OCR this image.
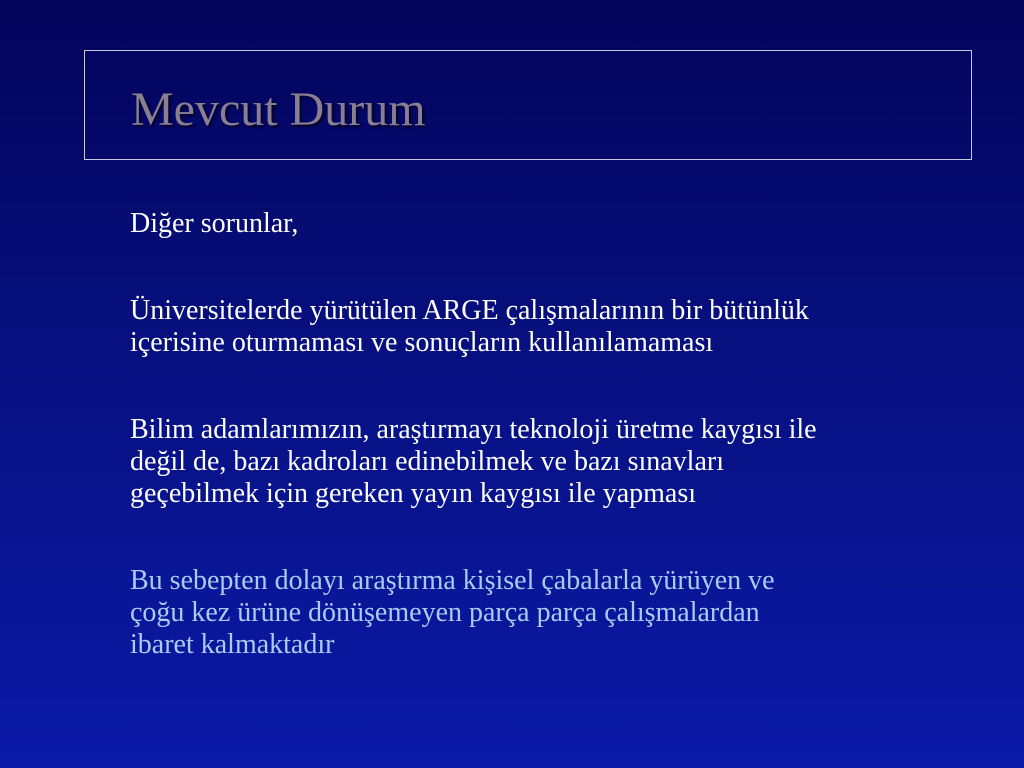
Mevcut Durum

Diğer sorunlar,

Üniversitelerde yürütülen ARGE çalışmalarının bir bütünlük
içerisine oturmaması ve sonuçların kullanılamaması

Bilim adamlarımızın, araştırmayı teknoloji üretme kaygısı ile
değil de, bazı kadroları edinebilmek ve bazı sınavları
geçebilmek için gereken yayın kaygısı ile yapması

Bu sebepten dolayı araştırma kişisel çabalarla yürüyen ve
çoğu kez ürüne dönüşemeyen parça parça çalışmalardan
ibaret kalmaktadır
